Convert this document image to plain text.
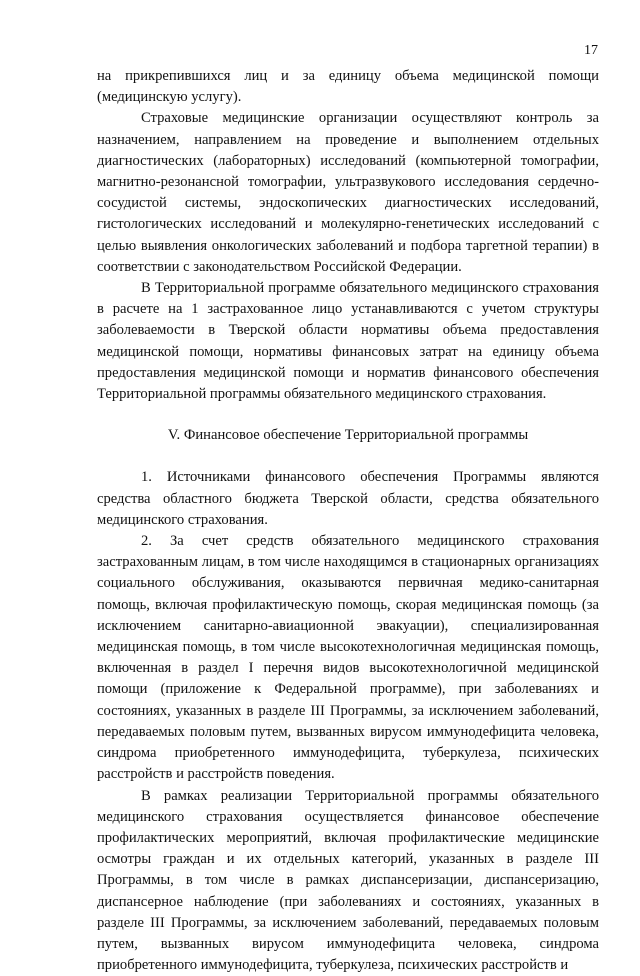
17

на прикрепившихся лиц и за единицу объема медицинской помощи (медицинскую услугу).

Страховые медицинские организации осуществляют контроль за назначением, направлением на проведение и выполнением отдельных диагностических (лабораторных) исследований (компьютерной томографии, магнитно-резонансной томографии, ультразвукового исследования сердечно-сосудистой системы, эндоскопических диагностических исследований, гистологических исследований и молекулярно-генетических исследований с целью выявления онкологических заболеваний и подбора таргетной терапии) в соответствии с законодательством Российской Федерации.

В Территориальной программе обязательного медицинского страхования в расчете на 1 застрахованное лицо устанавливаются с учетом структуры заболеваемости в Тверской области нормативы объема предоставления медицинской помощи, нормативы финансовых затрат на единицу объема предоставления медицинской помощи и норматив финансового обеспечения Территориальной программы обязательного медицинского страхования.

V. Финансовое обеспечение Территориальной программы

1. Источниками финансового обеспечения Программы являются средства областного бюджета Тверской области, средства обязательного медицинского страхования.

2. За счет средств обязательного медицинского страхования застрахованным лицам, в том числе находящимся в стационарных организациях социального обслуживания, оказываются первичная медико-санитарная помощь, включая профилактическую помощь, скорая медицинская помощь (за исключением санитарно-авиационной эвакуации), специализированная медицинская помощь, в том числе высокотехнологичная медицинская помощь, включенная в раздел I перечня видов высокотехнологичной медицинской помощи (приложение к Федеральной программе), при заболеваниях и состояниях, указанных в разделе III Программы, за исключением заболеваний, передаваемых половым путем, вызванных вирусом иммунодефицита человека, синдрома приобретенного иммунодефицита, туберкулеза, психических расстройств и расстройств поведения.

В рамках реализации Территориальной программы обязательного медицинского страхования осуществляется финансовое обеспечение профилактических мероприятий, включая профилактические медицинские осмотры граждан и их отдельных категорий, указанных в разделе III Программы, в том числе в рамках диспансеризации, диспансеризацию, диспансерное наблюдение (при заболеваниях и состояниях, указанных в разделе III Программы, за исключением заболеваний, передаваемых половым путем, вызванных вирусом иммунодефицита человека, синдрома приобретенного иммунодефицита, туберкулеза, психических расстройств и
